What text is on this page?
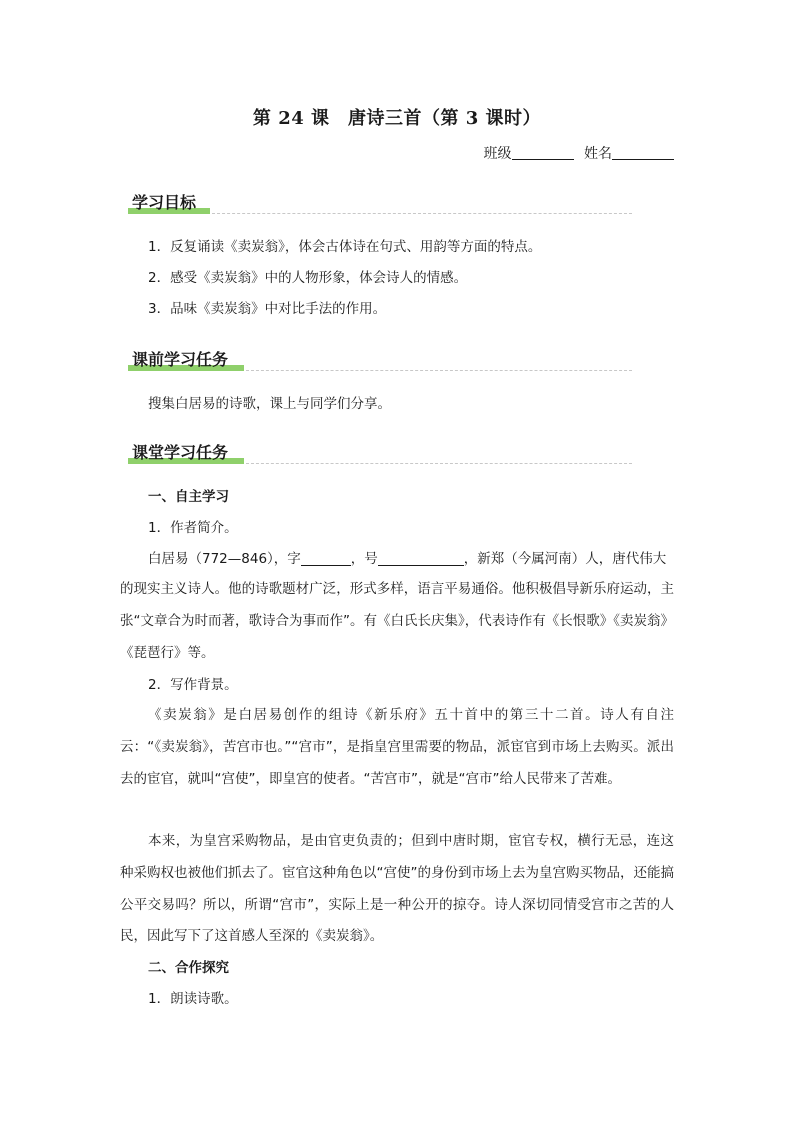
第 24 课　唐诗三首（第 3 课时）
班级	姓名
学习目标
1．反复诵读《卖炭翁》，体会古体诗在句式、用韵等方面的特点。
2．感受《卖炭翁》中的人物形象，体会诗人的情感。
3．品味《卖炭翁》中对比手法的作用。
课前学习任务
搜集白居易的诗歌，课上与同学们分享。
课堂学习任务
一、自主学习
1．作者简介。
白居易（772—846），字	，号	，新郑（今属河南）人，唐代伟大
的现实主义诗人。他的诗歌题材广泛，形式多样，语言平易通俗。他积极倡导新乐府运动，主张“文章合为时而著，歌诗合为事而作”。有《白氏长庆集》，代表诗作有《长恨歌》《卖炭翁》《琵琶行》等。
2．写作背景。
《卖炭翁》是白居易创作的组诗《新乐府》五十首中的第三十二首。诗人有自注云：“《卖炭翁》，苦宫市也。”“宫市”，是指皇宫里需要的物品，派宦官到市场上去购买。派出去的宦官，就叫“宫使”，即皇宫的使者。“苦宫市”，就是“宫市”给人民带来了苦难。
本来，为皇宫采购物品，是由官吏负责的；但到中唐时期，宦官专权，横行无忌，连这种采购权也被他们抓去了。宦官这种角色以“宫使”的身份到市场上去为皇宫购买物品，还能搞公平交易吗？所以，所谓“宫市”，实际上是一种公开的掠夺。诗人深切同情受宫市之苦的人民，因此写下了这首感人至深的《卖炭翁》。
二、合作探究
1．朗读诗歌。
